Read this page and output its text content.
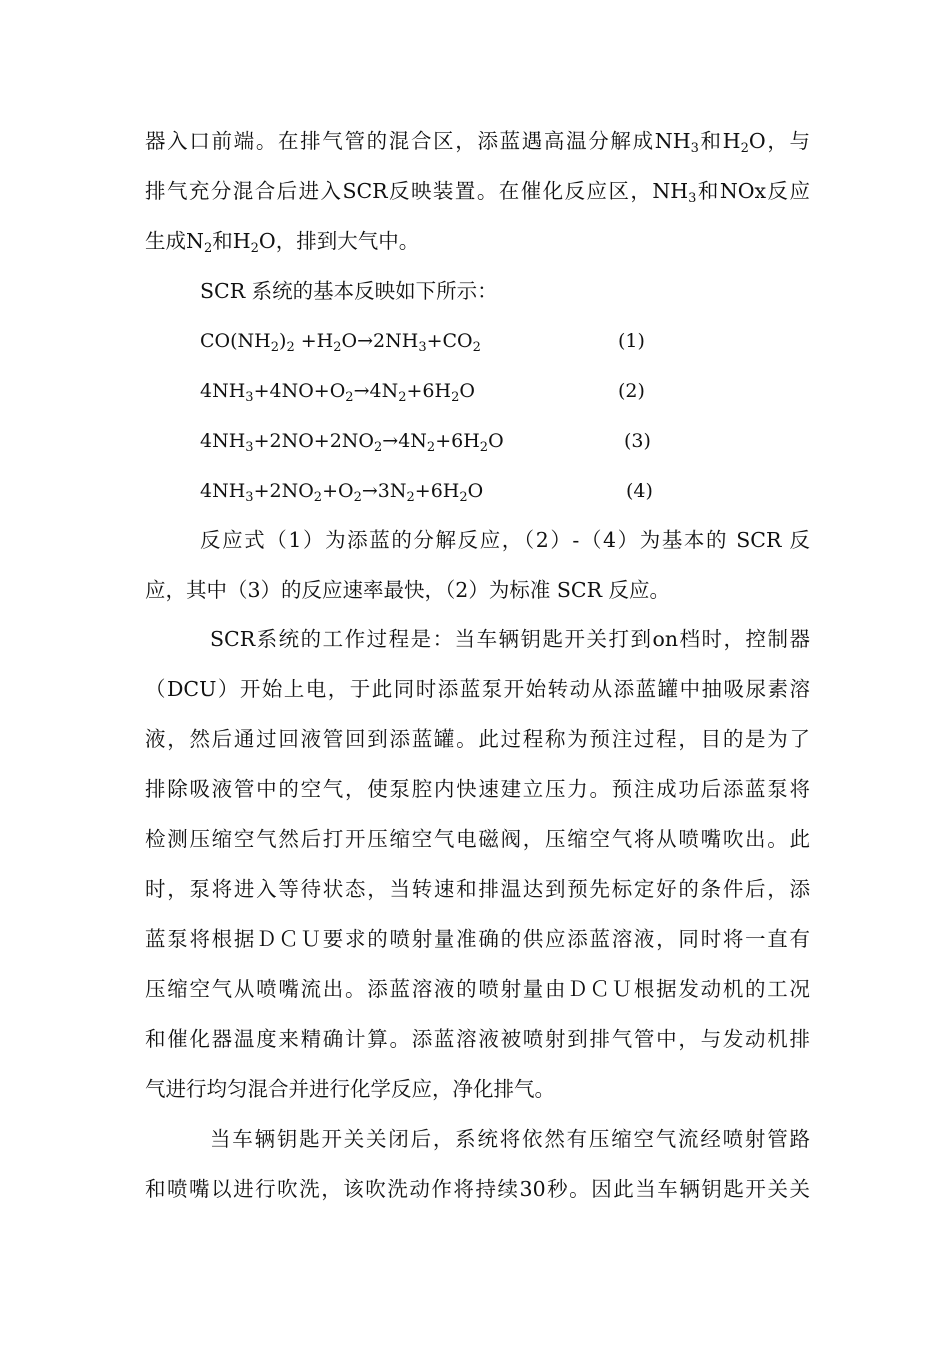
器入口前端。在排气管的混合区，添蓝遇高温分解成$NH_3$和$H_2O$，与
排气充分混合后进入SCR反映装置。在催化反应区，$NH_3$和NOx反应
生成$N_2$和$H_2O$，排到大气中。
SCR 系统的基本反映如下所示：
$CO(NH_2)_2 +H_2O\to 2NH_3+CO_2$	(1)
$4NH_3+4NO+O_2\to 4N_2+6H_2O$	(2)
$4NH_3+2NO+2NO_2\to 4N_2+6H_2O$	(3)
$4NH_3+2NO_2+O_2\to 3N_2+6H_2O$	(4)
反应式（1）为添蓝的分解反应，（2）-（4）为基本的 SCR 反
应，其中（3）的反应速率最快，（2）为标准 SCR 反应。
SCR系统的工作过程是：当车辆钥匙开关打到on档时，控制器
（DCU）开始上电，于此同时添蓝泵开始转动从添蓝罐中抽吸尿素溶
液，然后通过回液管回到添蓝罐。此过程称为预注过程，目的是为了
排除吸液管中的空气，使泵腔内快速建立压力。预注成功后添蓝泵将
检测压缩空气然后打开压缩空气电磁阀，压缩空气将从喷嘴吹出。此
时，泵将进入等待状态，当转速和排温达到预先标定好的条件后，添
蓝泵将根据ＤＣＵ要求的喷射量准确的供应添蓝溶液，同时将一直有
压缩空气从喷嘴流出。添蓝溶液的喷射量由ＤＣＵ根据发动机的工况
和催化器温度来精确计算。添蓝溶液被喷射到排气管中，与发动机排
气进行均匀混合并进行化学反应，净化排气。
当车辆钥匙开关关闭后，系统将依然有压缩空气流经喷射管路
和喷嘴以进行吹洗，该吹洗动作将持续30秒。因此当车辆钥匙开关关
